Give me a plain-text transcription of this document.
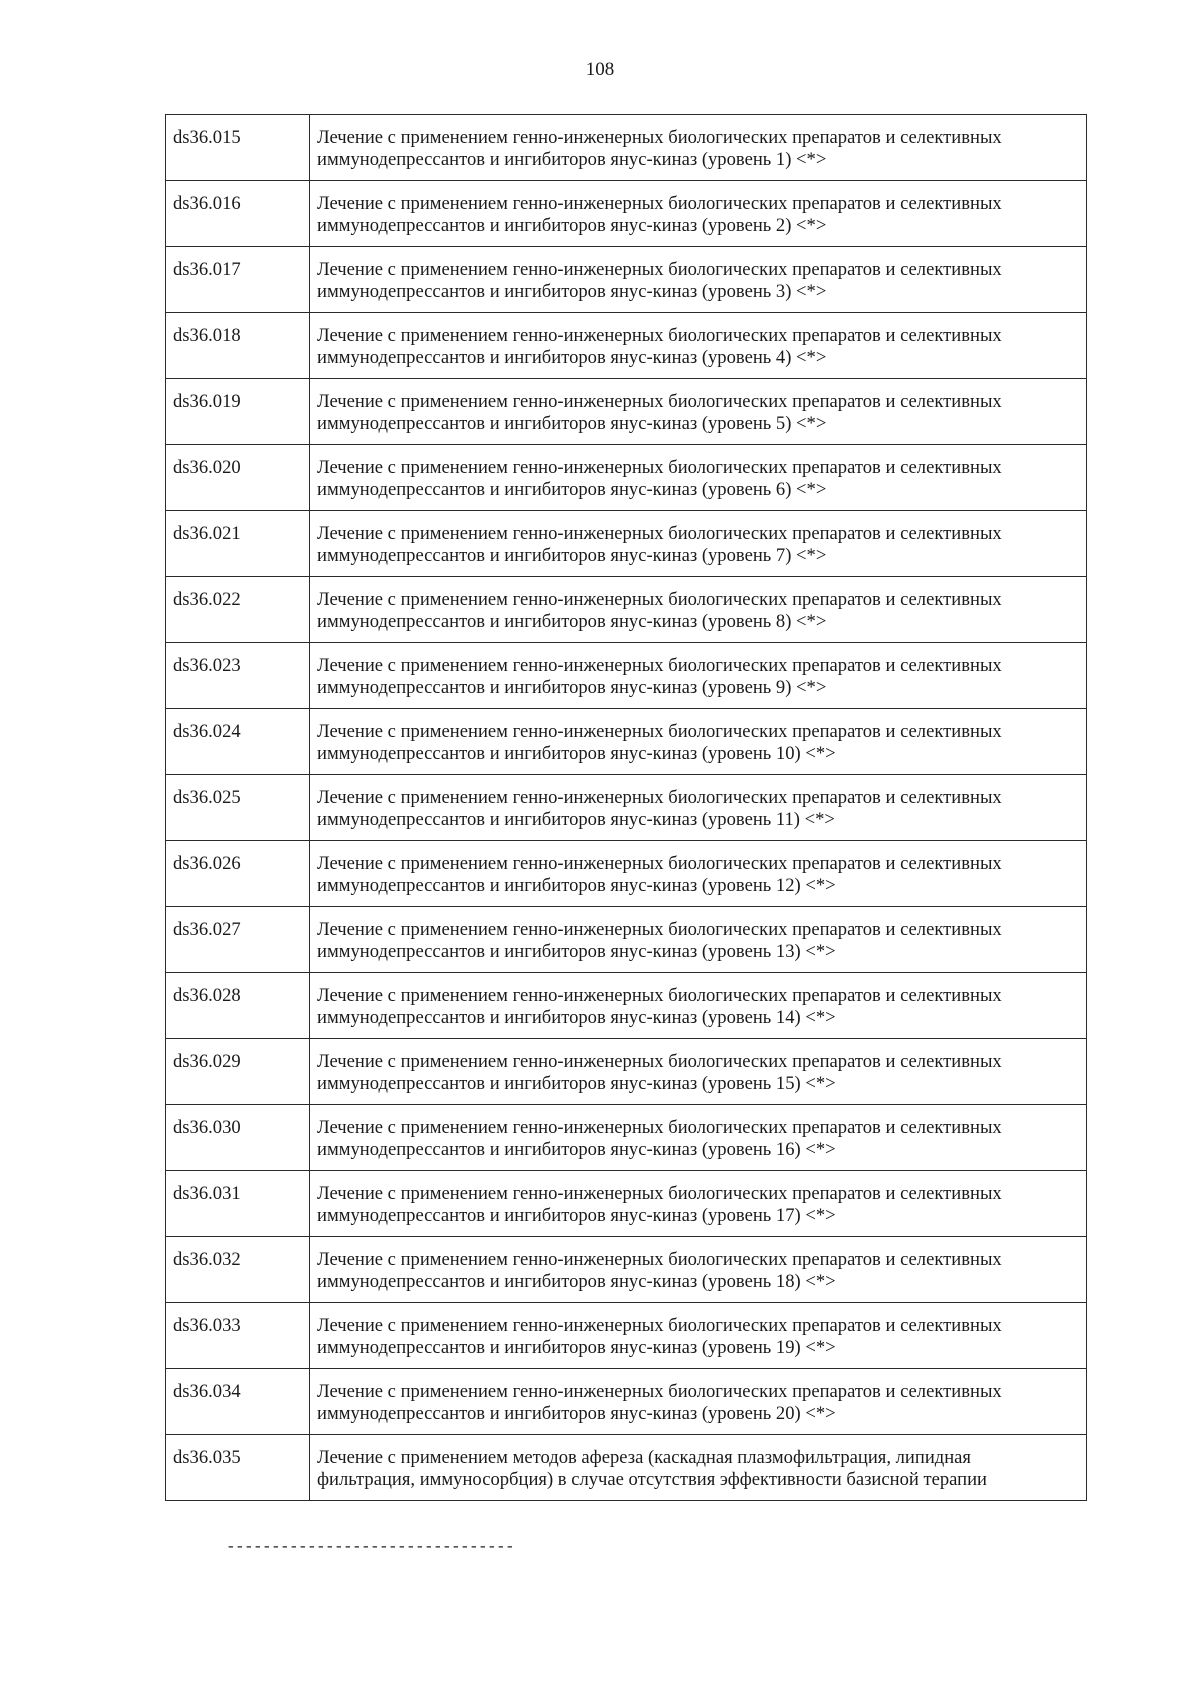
108
ds36.015	Лечение с применением генно-инженерных биологических препаратов и селективных
иммунодепрессантов и ингибиторов янус-киназ (уровень 1) <*>

ds36.016	Лечение с применением генно-инженерных биологических препаратов и селективных
иммунодепрессантов и ингибиторов янус-киназ (уровень 2) <*>

ds36.017	Лечение с применением генно-инженерных биологических препаратов и селективных
иммунодепрессантов и ингибиторов янус-киназ (уровень 3) <*>

ds36.018	Лечение с применением генно-инженерных биологических препаратов и селективных
иммунодепрессантов и ингибиторов янус-киназ (уровень 4) <*>

ds36.019	Лечение с применением генно-инженерных биологических препаратов и селективных
иммунодепрессантов и ингибиторов янус-киназ (уровень 5) <*>

ds36.020	Лечение с применением генно-инженерных биологических препаратов и селективных
иммунодепрессантов и ингибиторов янус-киназ (уровень 6) <*>

ds36.021	Лечение с применением генно-инженерных биологических препаратов и селективных
иммунодепрессантов и ингибиторов янус-киназ (уровень 7) <*>

ds36.022	Лечение с применением генно-инженерных биологических препаратов и селективных
иммунодепрессантов и ингибиторов янус-киназ (уровень 8) <*>

ds36.023	Лечение с применением генно-инженерных биологических препаратов и селективных
иммунодепрессантов и ингибиторов янус-киназ (уровень 9) <*>

ds36.024	Лечение с применением генно-инженерных биологических препаратов и селективных
иммунодепрессантов и ингибиторов янус-киназ (уровень 10) <*>

ds36.025	Лечение с применением генно-инженерных биологических препаратов и селективных
иммунодепрессантов и ингибиторов янус-киназ (уровень 11) <*>

ds36.026	Лечение с применением генно-инженерных биологических препаратов и селективных
иммунодепрессантов и ингибиторов янус-киназ (уровень 12) <*>

ds36.027	Лечение с применением генно-инженерных биологических препаратов и селективных
иммунодепрессантов и ингибиторов янус-киназ (уровень 13) <*>

ds36.028	Лечение с применением генно-инженерных биологических препаратов и селективных
иммунодепрессантов и ингибиторов янус-киназ (уровень 14) <*>

ds36.029	Лечение с применением генно-инженерных биологических препаратов и селективных
иммунодепрессантов и ингибиторов янус-киназ (уровень 15) <*>

ds36.030	Лечение с применением генно-инженерных биологических препаратов и селективных
иммунодепрессантов и ингибиторов янус-киназ (уровень 16) <*>

ds36.031	Лечение с применением генно-инженерных биологических препаратов и селективных
иммунодепрессантов и ингибиторов янус-киназ (уровень 17) <*>

ds36.032	Лечение с применением генно-инженерных биологических препаратов и селективных
иммунодепрессантов и ингибиторов янус-киназ (уровень 18) <*>

ds36.033	Лечение с применением генно-инженерных биологических препаратов и селективных
иммунодепрессантов и ингибиторов янус-киназ (уровень 19) <*>

ds36.034	Лечение с применением генно-инженерных биологических препаратов и селективных
иммунодепрессантов и ингибиторов янус-киназ (уровень 20) <*>

ds36.035	Лечение с применением методов афереза (каскадная плазмофильтрация, липидная
фильтрация, иммуносорбция) в случае отсутствия эффективности базисной терапии
--------------------------------
